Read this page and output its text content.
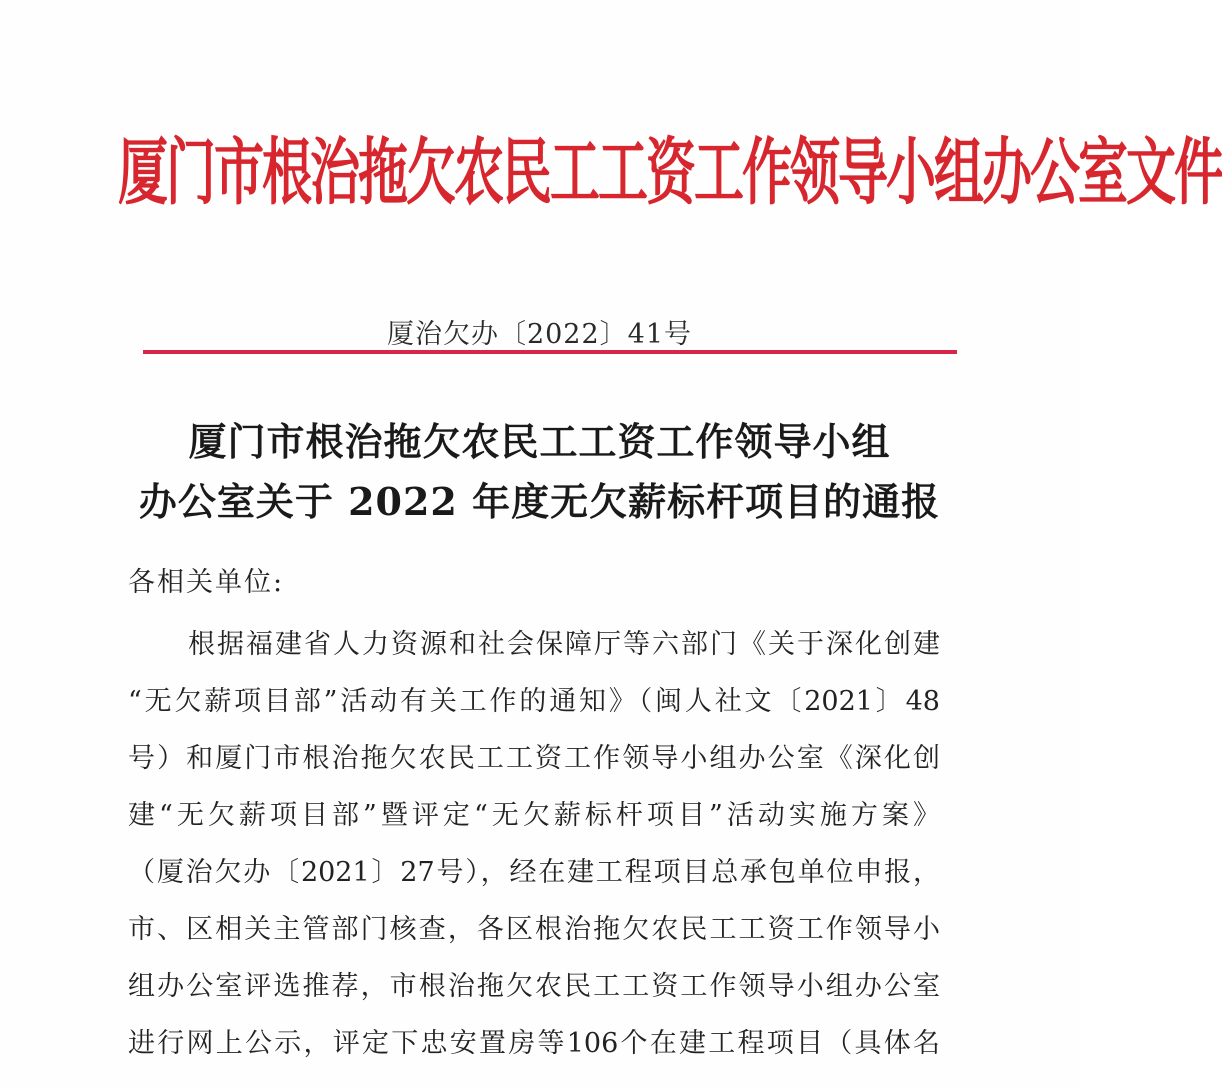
厦门市根治拖欠农民工工资工作领导小组办公室文件
厦治欠办〔2022〕41号
厦门市根治拖欠农民工工资工作领导小组
办公室关于 2022 年度无欠薪标杆项目的通报
各相关单位:
根据福建省人力资源和社会保障厅等六部门《关于深化创建
“无欠薪项目部”活动有关工作的通知》（闽人社文〔2021〕48
号）和厦门市根治拖欠农民工工资工作领导小组办公室《深化创
建“无欠薪项目部”暨评定“无欠薪标杆项目”活动实施方案》
（厦治欠办〔2021〕27号），经在建工程项目总承包单位申报，
市、区相关主管部门核查，各区根治拖欠农民工工资工作领导小
组办公室评选推荐，市根治拖欠农民工工资工作领导小组办公室
进行网上公示，评定下忠安置房等106个在建工程项目（具体名
